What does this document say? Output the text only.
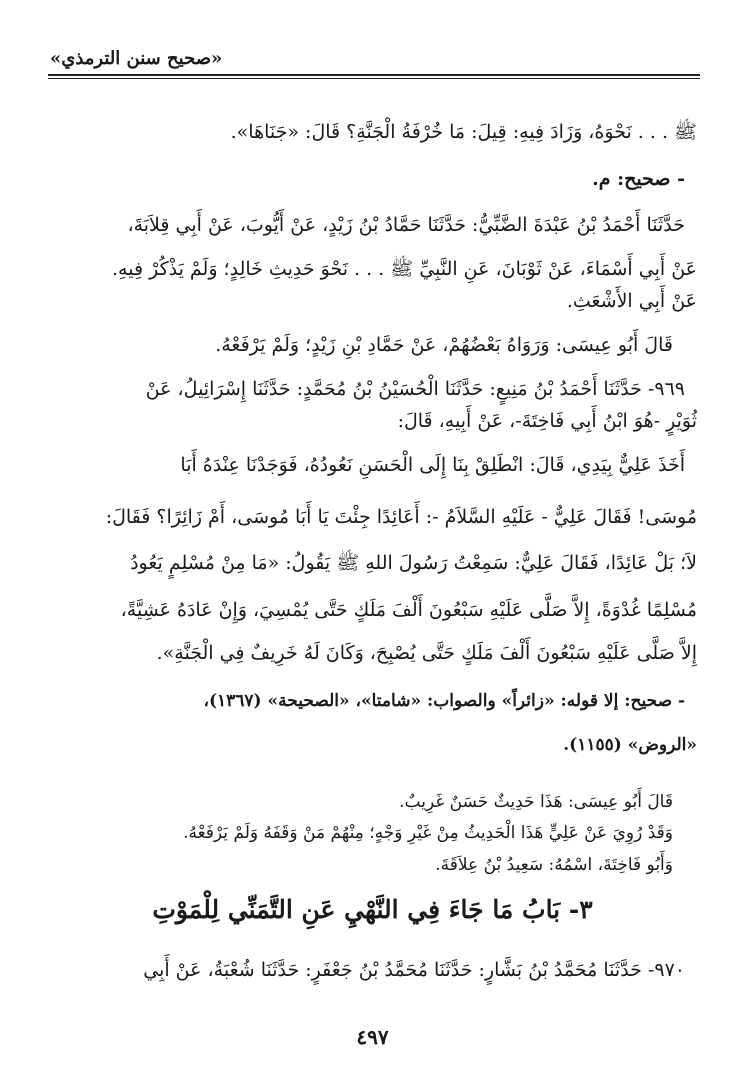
«صحيح سنن الترمذي»
ﷺ . . . نَحْوَهُ، وَزَادَ فِيهِ: قِيلَ: مَا خُرْفَةُ الْجَنَّةِ؟ قَالَ: «جَنَاهَا».
- صحيح: م.
حَدَّثَنَا أَحْمَدُ بْنُ عَبْدَةَ الضَّبِّيُّ: حَدَّثَنَا حَمَّادُ بْنُ زَيْدٍ، عَنْ أَيُّوبَ، عَنْ أَبِي قِلاَبَةَ،
عَنْ أَبِي أَسْمَاءَ، عَنْ ثَوْبَانَ، عَنِ النَّبِيِّ ﷺ . . . نَحْوَ حَدِيثِ خَالِدٍ؛ وَلَمْ يَذْكُرْ فِيهِ.
عَنْ أَبِي الأَشْعَثِ.
قَالَ أَبُو عِيسَى: وَرَوَاهُ بَعْضُهُمْ، عَنْ حَمَّادِ بْنِ زَيْدٍ؛ وَلَمْ يَرْفَعْهُ.
٩٦٩- حَدَّثَنَا أَحْمَدُ بْنُ مَنِيعٍ: حَدَّثَنَا الْحُسَيْنُ بْنُ مُحَمَّدٍ: حَدَّثَنَا إِسْرَائِيلُ، عَنْ
ثُوَيْرٍ -هُوَ ابْنُ أَبِي فَاخِتَةَ-، عَنْ أَبِيهِ، قَالَ:
أَخَذَ عَلِيٌّ بِيَدِي، قَالَ: انْطَلِقْ بِنَا إِلَى الْحَسَنِ نَعُودُهُ، فَوَجَدْنَا عِنْدَهُ أَبَا
مُوسَى! فَقَالَ عَلِيٌّ - عَلَيْهِ السَّلاَمُ -: أَعَائِدًا جِئْتَ يَا أَبَا مُوسَى، أَمْ زَائِرًا؟ فَقَالَ:
لاَ؛ بَلْ عَائِدًا، فَقَالَ عَلِيٌّ: سَمِعْتُ رَسُولَ اللهِ ﷺ يَقُولُ: «مَا مِنْ مُسْلِمٍ يَعُودُ
مُسْلِمًا غُدْوَةً، إِلاَّ صَلَّى عَلَيْهِ سَبْعُونَ أَلْفَ مَلَكٍ حَتَّى يُمْسِيَ، وَإِنْ عَادَهُ عَشِيَّةً،
إِلاَّ صَلَّى عَلَيْهِ سَبْعُونَ أَلْفَ مَلَكٍ حَتَّى يُصْبِحَ، وَكَانَ لَهُ خَرِيفٌ فِي الْجَنَّةِ».
- صحيح: إلا قوله: «زائراً» والصواب: «شامتا»، «الصحيحة» (١٣٦٧)،
«الروض» (١١٥٥).
قَالَ أَبُو عِيسَى: هَذَا حَدِيثٌ حَسَنٌ غَرِيبٌ.
وَقَدْ رُوِيَ عَنْ عَلِيٍّ هَذَا الْحَدِيثُ مِنْ غَيْرِ وَجْهٍ؛ مِنْهُمْ مَنْ وَقَفَهُ وَلَمْ يَرْفَعْهُ.
وَأَبُو فَاخِتَةَ، اسْمُهُ: سَعِيدُ بْنُ عِلاَقَةَ.
٣- بَابُ مَا جَاءَ فِي النَّهْيِ عَنِ التَّمَنِّي لِلْمَوْتِ
٩٧٠- حَدَّثَنَا مُحَمَّدُ بْنُ بَشَّارٍ: حَدَّثَنَا مُحَمَّدُ بْنُ جَعْفَرٍ: حَدَّثَنَا شُعْبَةُ، عَنْ أَبِي
٤٩٧
